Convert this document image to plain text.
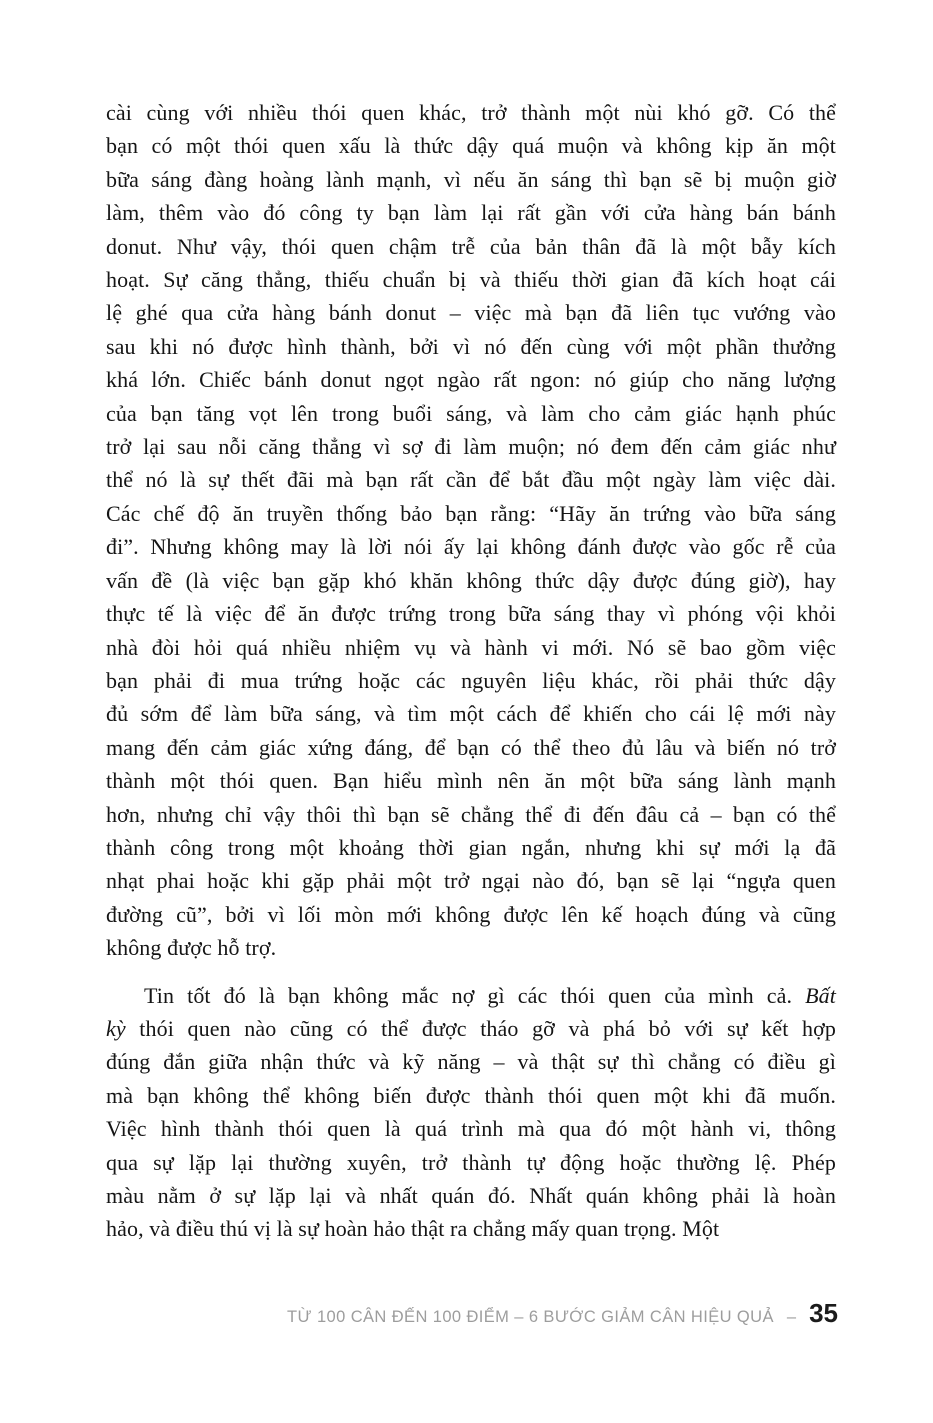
cài cùng với nhiều thói quen khác, trở thành một nùi khó gỡ. Có thể
bạn có một thói quen xấu là thức dậy quá muộn và không kịp ăn một
bữa sáng đàng hoàng lành mạnh, vì nếu ăn sáng thì bạn sẽ bị muộn giờ
làm, thêm vào đó công ty bạn làm lại rất gần với cửa hàng bán bánh
donut. Như vậy, thói quen chậm trễ của bản thân đã là một bẫy kích
hoạt. Sự căng thẳng, thiếu chuẩn bị và thiếu thời gian đã kích hoạt cái
lệ ghé qua cửa hàng bánh donut – việc mà bạn đã liên tục vướng vào
sau khi nó được hình thành, bởi vì nó đến cùng với một phần thưởng
khá lớn. Chiếc bánh donut ngọt ngào rất ngon: nó giúp cho năng lượng
của bạn tăng vọt lên trong buổi sáng, và làm cho cảm giác hạnh phúc
trở lại sau nỗi căng thẳng vì sợ đi làm muộn; nó đem đến cảm giác như
thể nó là sự thết đãi mà bạn rất cần để bắt đầu một ngày làm việc dài.
Các chế độ ăn truyền thống bảo bạn rằng: “Hãy ăn trứng vào bữa sáng
đi”. Nhưng không may là lời nói ấy lại không đánh được vào gốc rễ của
vấn đề (là việc bạn gặp khó khăn không thức dậy được đúng giờ), hay
thực tế là việc để ăn được trứng trong bữa sáng thay vì phóng vội khỏi
nhà đòi hỏi quá nhiều nhiệm vụ và hành vi mới. Nó sẽ bao gồm việc
bạn phải đi mua trứng hoặc các nguyên liệu khác, rồi phải thức dậy
đủ sớm để làm bữa sáng, và tìm một cách để khiến cho cái lệ mới này
mang đến cảm giác xứng đáng, để bạn có thể theo đủ lâu và biến nó trở
thành một thói quen. Bạn hiểu mình nên ăn một bữa sáng lành mạnh
hơn, nhưng chỉ vậy thôi thì bạn sẽ chẳng thể đi đến đâu cả – bạn có thể
thành công trong một khoảng thời gian ngắn, nhưng khi sự mới lạ đã
nhạt phai hoặc khi gặp phải một trở ngại nào đó, bạn sẽ lại “ngựa quen
đường cũ”, bởi vì lối mòn mới không được lên kế hoạch đúng và cũng
không được hỗ trợ.
Tin tốt đó là bạn không mắc nợ gì các thói quen của mình cả. Bất
kỳ thói quen nào cũng có thể được tháo gỡ và phá bỏ với sự kết hợp
đúng đắn giữa nhận thức và kỹ năng – và thật sự thì chẳng có điều gì
mà bạn không thể không biến được thành thói quen một khi đã muốn.
Việc hình thành thói quen là quá trình mà qua đó một hành vi, thông
qua sự lặp lại thường xuyên, trở thành tự động hoặc thường lệ. Phép
màu nằm ở sự lặp lại và nhất quán đó. Nhất quán không phải là hoàn
hảo, và điều thú vị là sự hoàn hảo thật ra chẳng mấy quan trọng. Một
TỪ 100 CÂN ĐẾN 100 ĐIỂM – 6 BƯỚC GIẢM CÂN HIỆU QUẢ – 35
